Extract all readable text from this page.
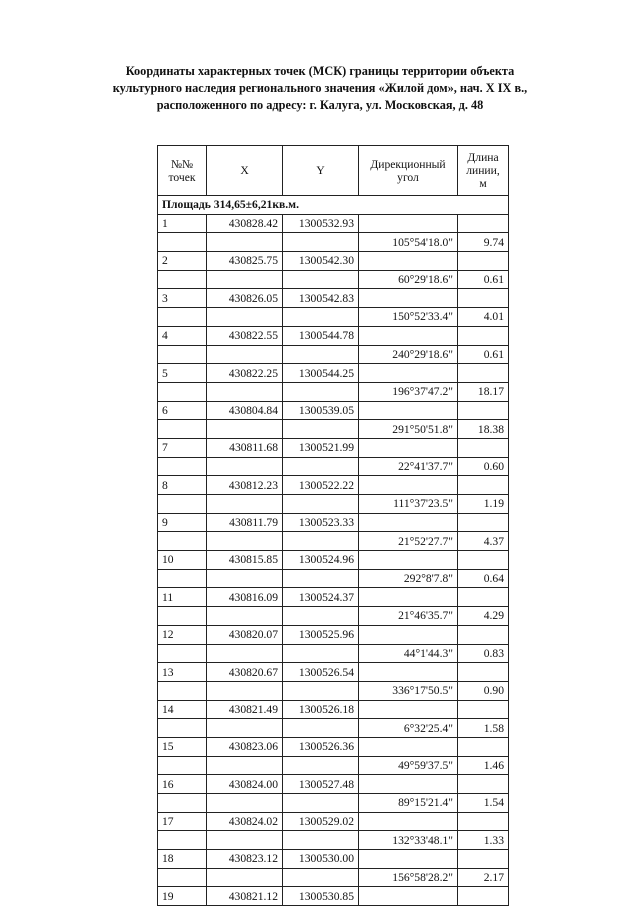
Координаты характерных точек (МСК) границы территории объекта
культурного наследия регионального значения «Жилой дом», нач. X IX в.,
расположенного по адресу: г. Калуга, ул. Московская, д. 48
№№ точек	X	Y	Дирекционный угол	Длина линии, м
Площадь 314,65±6,21кв.м.				
1	430828.42	1300532.93		
			105°54'18.0"	9.74
2	430825.75	1300542.30		
			60°29'18.6"	0.61
3	430826.05	1300542.83		
			150°52'33.4"	4.01
4	430822.55	1300544.78		
			240°29'18.6"	0.61
5	430822.25	1300544.25		
			196°37'47.2"	18.17
6	430804.84	1300539.05		
			291°50'51.8"	18.38
7	430811.68	1300521.99		
			22°41'37.7"	0.60
8	430812.23	1300522.22		
			111°37'23.5"	1.19
9	430811.79	1300523.33		
			21°52'27.7"	4.37
10	430815.85	1300524.96		
			292°8'7.8"	0.64
11	430816.09	1300524.37		
			21°46'35.7"	4.29
12	430820.07	1300525.96		
			44°1'44.3"	0.83
13	430820.67	1300526.54		
			336°17'50.5"	0.90
14	430821.49	1300526.18		
			6°32'25.4"	1.58
15	430823.06	1300526.36		
			49°59'37.5"	1.46
16	430824.00	1300527.48		
			89°15'21.4"	1.54
17	430824.02	1300529.02		
			132°33'48.1"	1.33
18	430823.12	1300530.00		
			156°58'28.2"	2.17
19	430821.12	1300530.85		
